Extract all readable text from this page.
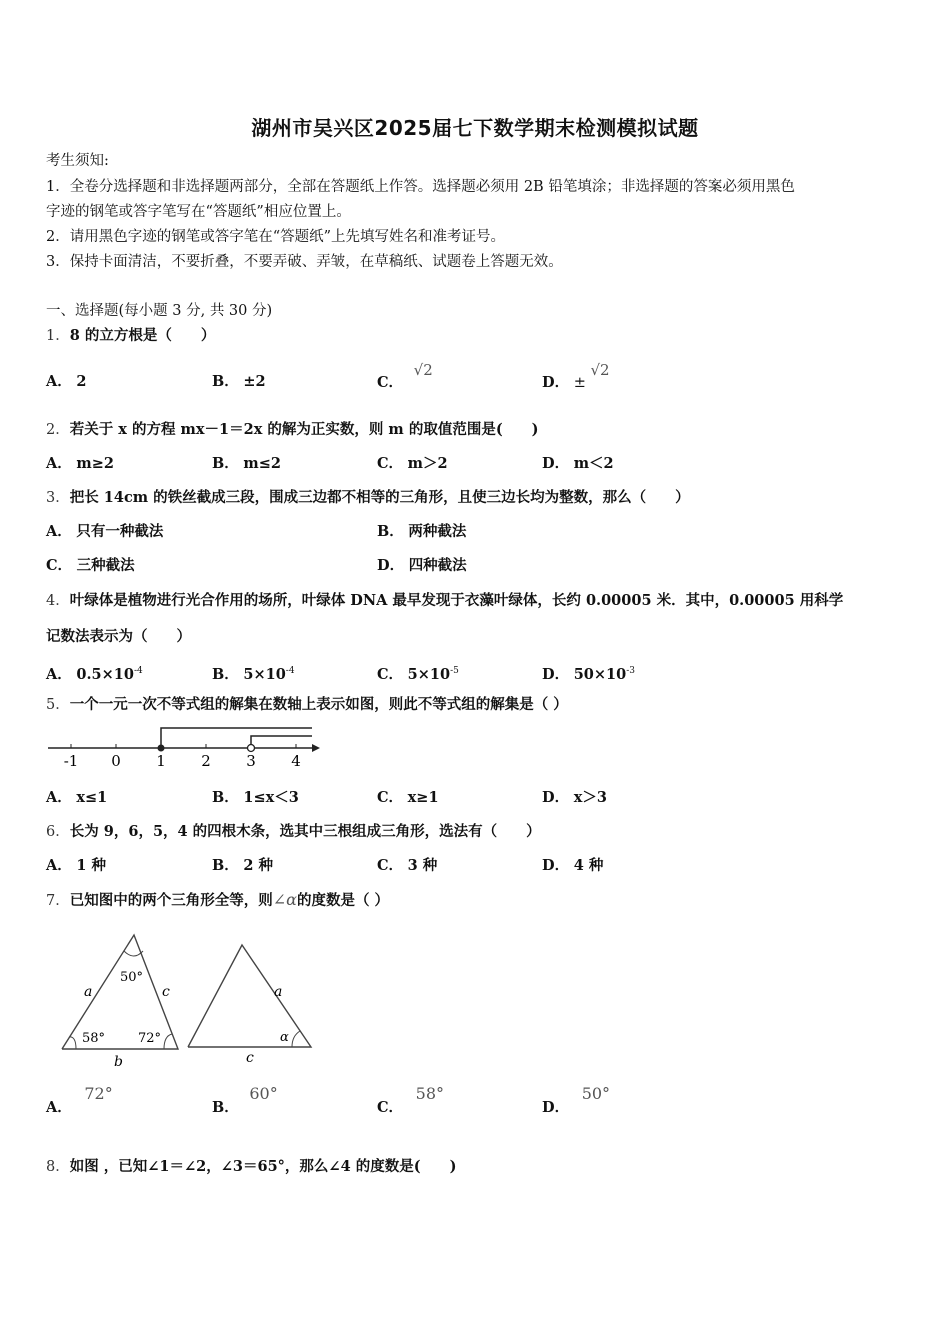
湖州市吴兴区2025届七下数学期末检测模拟试题
考生须知:
1．全卷分选择题和非选择题两部分，全部在答题纸上作答。选择题必须用 2B 铅笔填涂；非选择题的答案必须用黑色
字迹的钢笔或答字笔写在“答题纸”相应位置上。
2．请用黑色字迹的钢笔或答字笔在“答题纸”上先填写姓名和准考证号。
3．保持卡面清洁，不要折叠，不要弄破、弄皱，在草稿纸、试题卷上答题无效。
一、选择题(每小题 3 分, 共 30 分)
1．8 的立方根是（　　）
A． 2	B． ±2	C． √2
D． ± √2
2．若关于 x 的方程 mx－1＝2x 的解为正实数，则 m 的取值范围是(　　)
A． m≥2	B． m≤2	C． m＞2	D． m＜2
3．把长 14cm 的铁丝截成三段，围成三边都不相等的三角形，且使三边长均为整数，那么（　　）
A． 只有一种截法	B． 两种截法
C． 三种截法	D． 四种截法
4．叶绿体是植物进行光合作用的场所，叶绿体 DNA 最早发现于衣藻叶绿体，长约 0.00005 米．其中，0.00005 用科学
记数法表示为（　　）
A． $0.5\times 10^{-4}$	B． $5\times 10^{-4}$	C． $5\times 10^{-5}$	D． $50\times 10^{-3}$
5．一个一元一次不等式组的解集在数轴上表示如图，则此不等式组的解集是（ ）
-1 0 1 2 3 4
A． x≤1	B． 1≤x＜3	C． x≥1	D． x＞3
6．长为 9，6，5，4 的四根木条，选其中三根组成三角形，选法有（　　）
A． 1 种	B． 2 种	C． 3 种	D． 4 种
7．已知图中的两个三角形全等，则∠α的度数是（ ）
50°
58°	72°
a	c
b
a
c
α
A． 72°
B． 60°
C． 58°
D． 50°
8．如图 ，已知∠1＝∠2，∠3＝65°，那么∠4 的度数是(　　)
